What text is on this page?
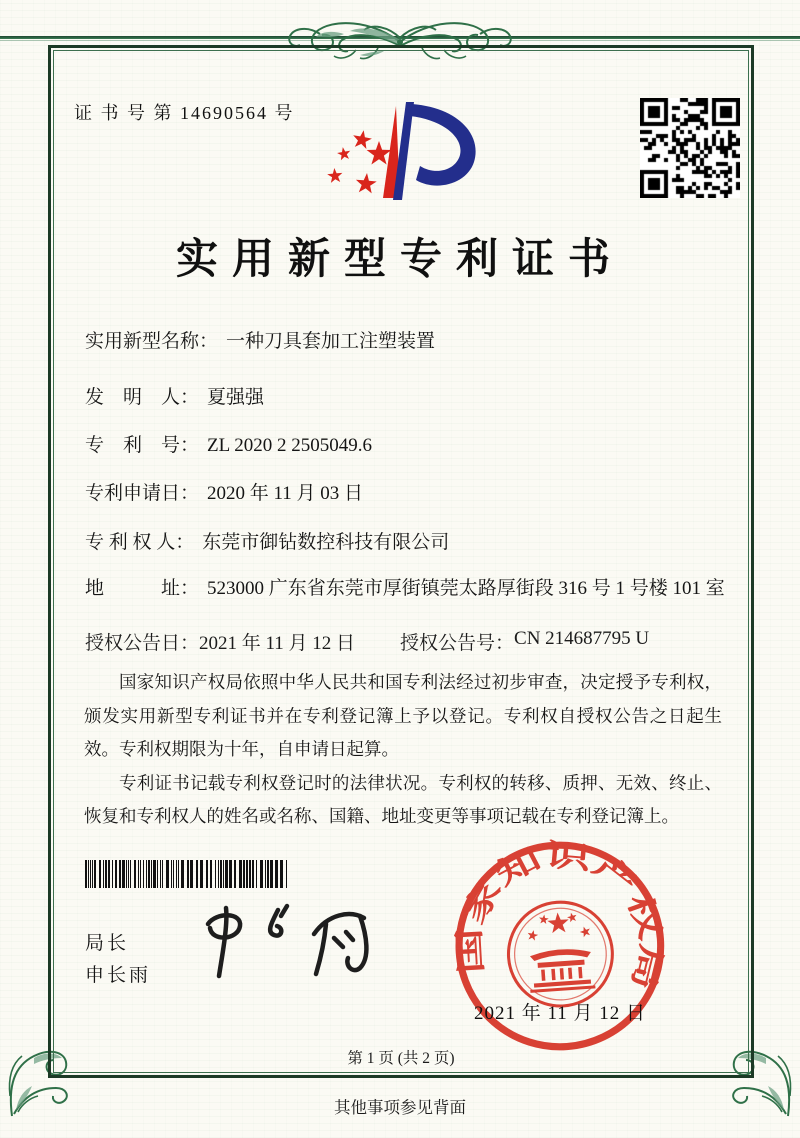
证 书 号 第 14690564 号
实用新型专利证书
实用新型名称： 一种刀具套加工注塑装置
发　明　人： 夏强强
专　利　号： ZL 2020 2 2505049.6
专利申请日： 2020 年 11 月 03 日
专 利 权 人： 东莞市御钻数控科技有限公司
地　　　址： 523000 广东省东莞市厚街镇莞太路厚街段 316 号 1 号楼 101 室
授权公告日： 2021 年 11 月 12 日 授权公告号： CN 214687795 U

国家知识产权局依照中华人民共和国专利法经过初步审查，决定授予专利权，颁发实用新型专利证书并在专利登记簿上予以登记。专利权自授权公告之日起生效。专利权期限为十年，自申请日起算。

专利证书记载专利权登记时的法律状况。专利权的转移、质押、无效、终止、恢复和专利权人的姓名或名称、国籍、地址变更等事项记载在专利登记簿上。

局长
申长雨
国家知识产权局
2021 年 11 月 12 日
第 1 页 (共 2 页)
其他事项参见背面
